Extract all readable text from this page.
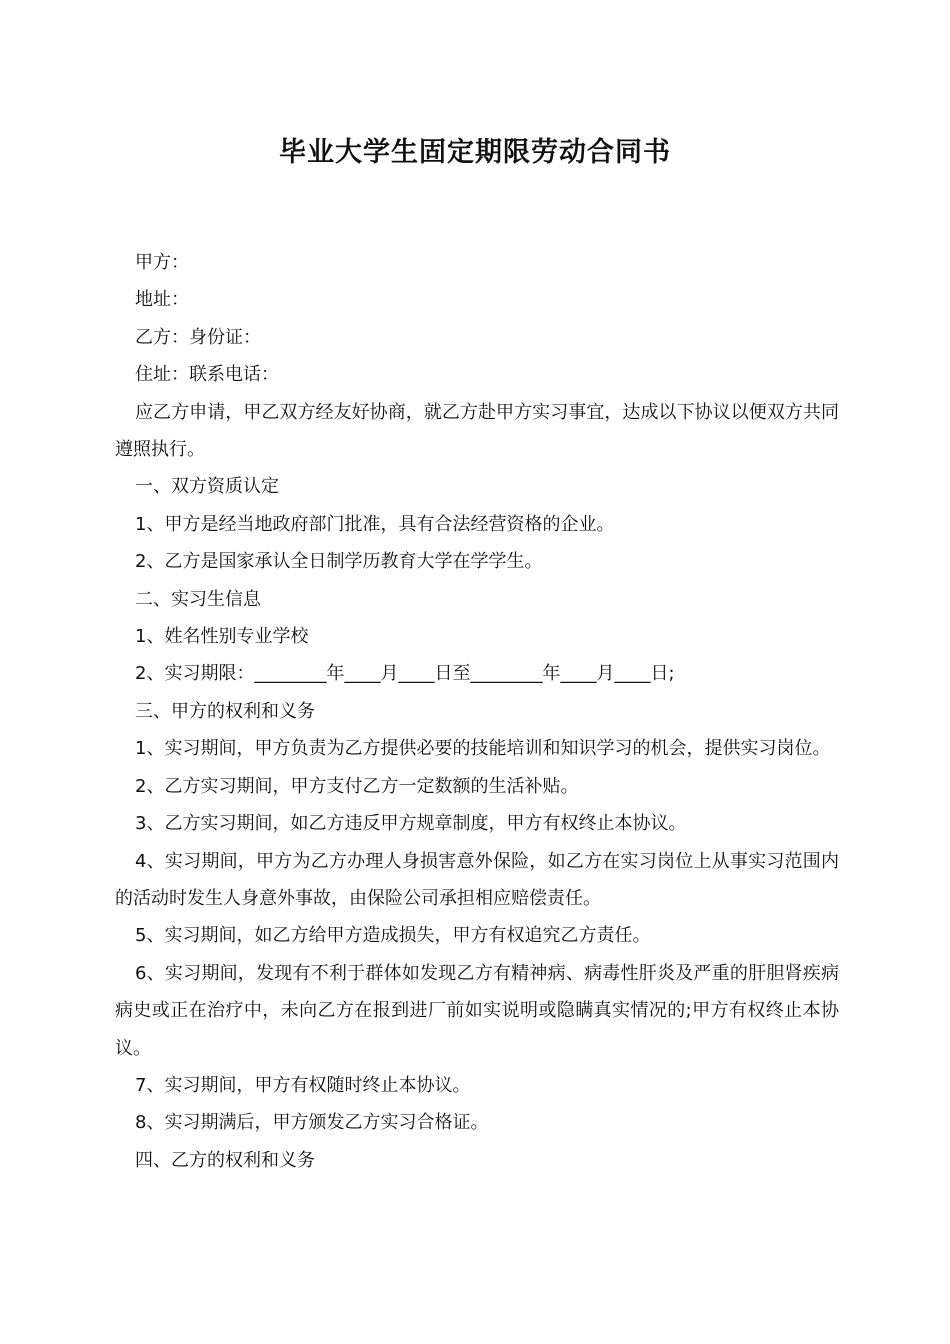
毕业大学生固定期限劳动合同书

甲方：

地址：

乙方：身份证：

住址：联系电话：

应乙方申请，甲乙双方经友好协商，就乙方赴甲方实习事宜，达成以下协议以便双方共同遵照执行。

一、双方资质认定

1、甲方是经当地政府部门批准，具有合法经营资格的企业。

2、乙方是国家承认全日制学历教育大学在学学生。

二、实习生信息

1、姓名性别专业学校

2、实习期限：________年____月____日至________年____月____日;

三、甲方的权利和义务

1、实习期间，甲方负责为乙方提供必要的技能培训和知识学习的机会，提供实习岗位。

2、乙方实习期间，甲方支付乙方一定数额的生活补贴。

3、乙方实习期间，如乙方违反甲方规章制度，甲方有权终止本协议。

4、实习期间，甲方为乙方办理人身损害意外保险，如乙方在实习岗位上从事实习范围内的活动时发生人身意外事故，由保险公司承担相应赔偿责任。

5、实习期间，如乙方给甲方造成损失，甲方有权追究乙方责任。

6、实习期间，发现有不利于群体如发现乙方有精神病、病毒性肝炎及严重的肝胆肾疾病病史或正在治疗中，未向乙方在报到进厂前如实说明或隐瞒真实情况的;甲方有权终止本协议。

7、实习期间，甲方有权随时终止本协议。

8、实习期满后，甲方颁发乙方实习合格证。

四、乙方的权利和义务
